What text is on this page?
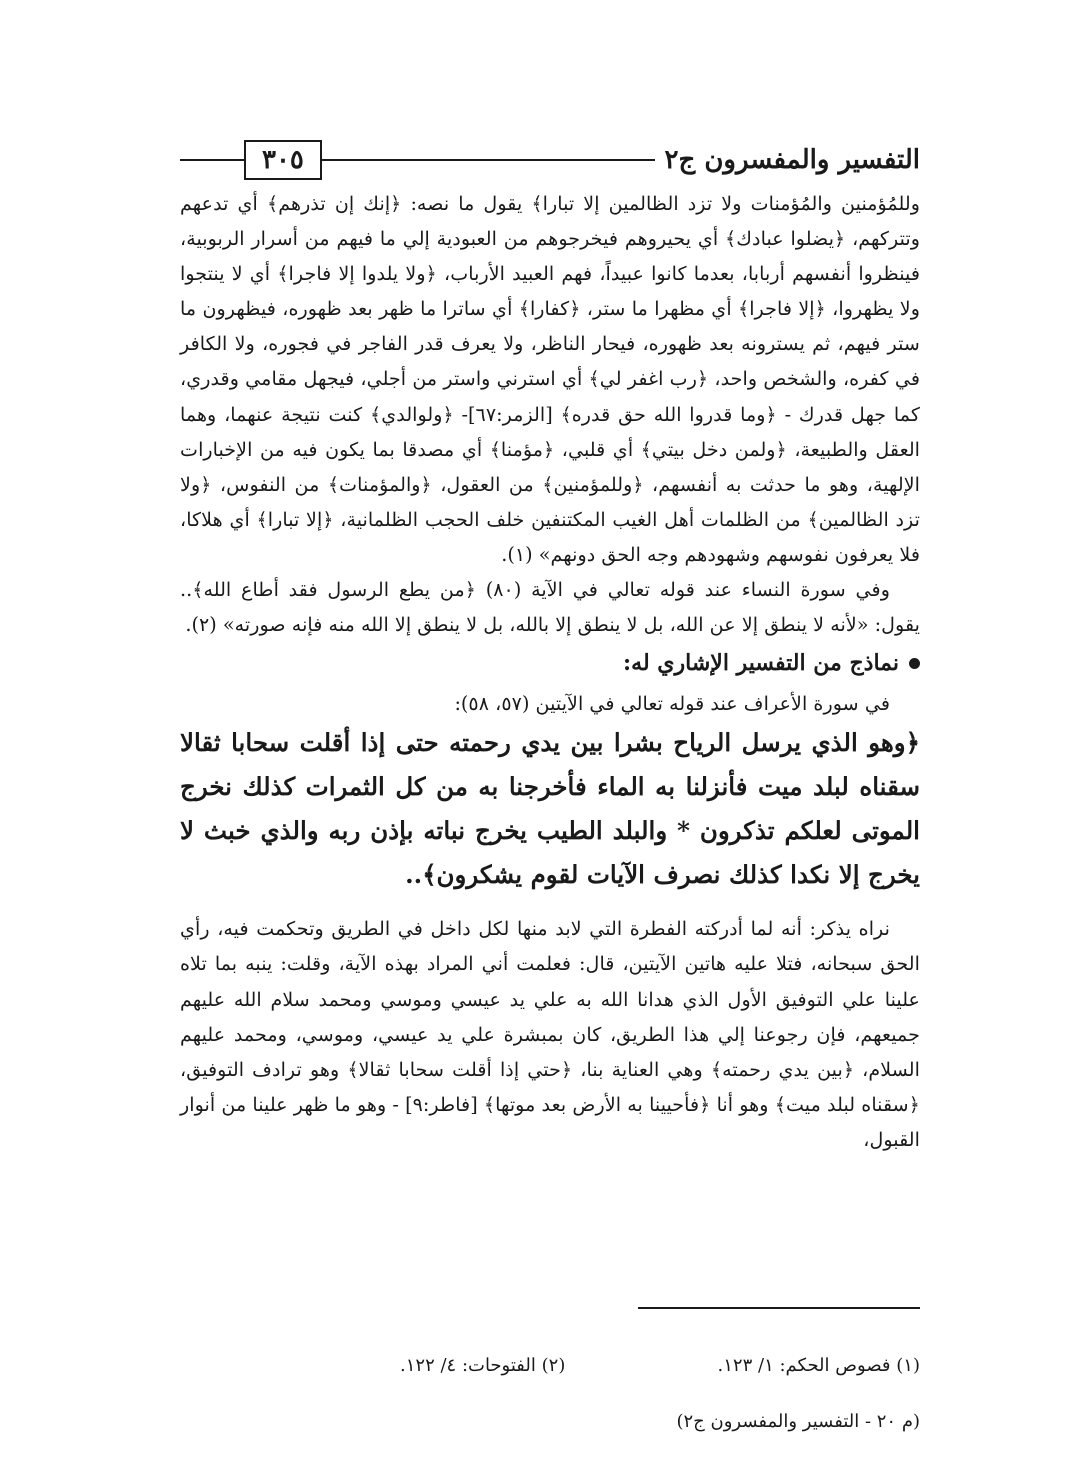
٣٠٥	التفسير والمفسرون ج٢

وللمُؤمنين والمُؤمنات ولا تزد الظالمين إلا تبارا﴾ يقول ما نصه: ﴿إنك إن تذرهم﴾ أي تدعهم وتتركهم، ﴿يضلوا عبادك﴾ أي يحيروهم فيخرجوهم من العبودية إلي ما فيهم من أسرار الربوبية، فينظروا أنفسهم أربابا، بعدما كانوا عبيداً، فهم العبيد الأرباب، ﴿ولا يلدوا إلا فاجرا﴾ أي لا ينتجوا ولا يظهروا، ﴿إلا فاجرا﴾ أي مظهرا ما ستر، ﴿كفارا﴾ أي ساترا ما ظهر بعد ظهوره، فيظهرون ما ستر فيهم، ثم يسترونه بعد ظهوره، فيحار الناظر، ولا يعرف قدر الفاجر في فجوره، ولا الكافر في كفره، والشخص واحد، ﴿رب اغفر لي﴾ أي استرني واستر من أجلي، فيجهل مقامي وقدري، كما جهل قدرك - ﴿وما قدروا الله حق قدره﴾ [الزمر:٦٧]- ﴿ولوالدي﴾ كنت نتيجة عنهما، وهما العقل والطبيعة، ﴿ولمن دخل بيتي﴾ أي قلبي، ﴿مؤمنا﴾ أي مصدقا بما يكون فيه من الإخبارات الإلهية، وهو ما حدثت به أنفسهم، ﴿وللمؤمنين﴾ من العقول، ﴿والمؤمنات﴾ من النفوس، ﴿ولا تزد الظالمين﴾ من الظلمات أهل الغيب المكتنفين خلف الحجب الظلمانية، ﴿إلا تبارا﴾ أي هلاكا، فلا يعرفون نفوسهم وشهودهم وجه الحق دونهم» (١).

وفي سورة النساء عند قوله تعالي في الآية (٨٠) ﴿من يطع الرسول فقد أطاع الله﴾.. يقول: «لأنه لا ينطق إلا عن الله، بل لا ينطق إلا بالله، بل لا ينطق إلا الله منه فإنه صورته» (٢).

نماذج من التفسير الإشاري له:

في سورة الأعراف عند قوله تعالي في الآيتين (٥٧، ٥٨):

﴿وهو الذي يرسل الرياح بشرا بين يدي رحمته حتى إذا أقلت سحابا ثقالا سقناه لبلد ميت فأنزلنا به الماء فأخرجنا به من كل الثمرات كذلك نخرج الموتى لعلكم تذكرون * والبلد الطيب يخرج نباته بإذن ربه والذي خبث لا يخرج إلا نكدا كذلك نصرف الآيات لقوم يشكرون﴾..

نراه يذكر: أنه لما أدركته الفطرة التي لابد منها لكل داخل في الطريق وتحكمت فيه، رأي الحق سبحانه، فتلا عليه هاتين الآيتين، قال: فعلمت أني المراد بهذه الآية، وقلت: ينبه بما تلاه علينا علي التوفيق الأول الذي هدانا الله به علي يد عيسي وموسي ومحمد سلام الله عليهم جميعهم، فإن رجوعنا إلي هذا الطريق، كان بمبشرة علي يد عيسي، وموسي، ومحمد عليهم السلام، ﴿بين يدي رحمته﴾ وهي العناية بنا، ﴿حتي إذا أقلت سحابا ثقالا﴾ وهو ترادف التوفيق، ﴿سقناه لبلد ميت﴾ وهو أنا ﴿فأحيينا به الأرض بعد موتها﴾ [فاطر:٩] - وهو ما ظهر علينا من أنوار القبول،

(١) فصوص الحكم: ١/ ١٢٣.
(٢) الفتوحات: ٤/ ١٢٢.
(م ٢٠ - التفسير والمفسرون ج٢)
